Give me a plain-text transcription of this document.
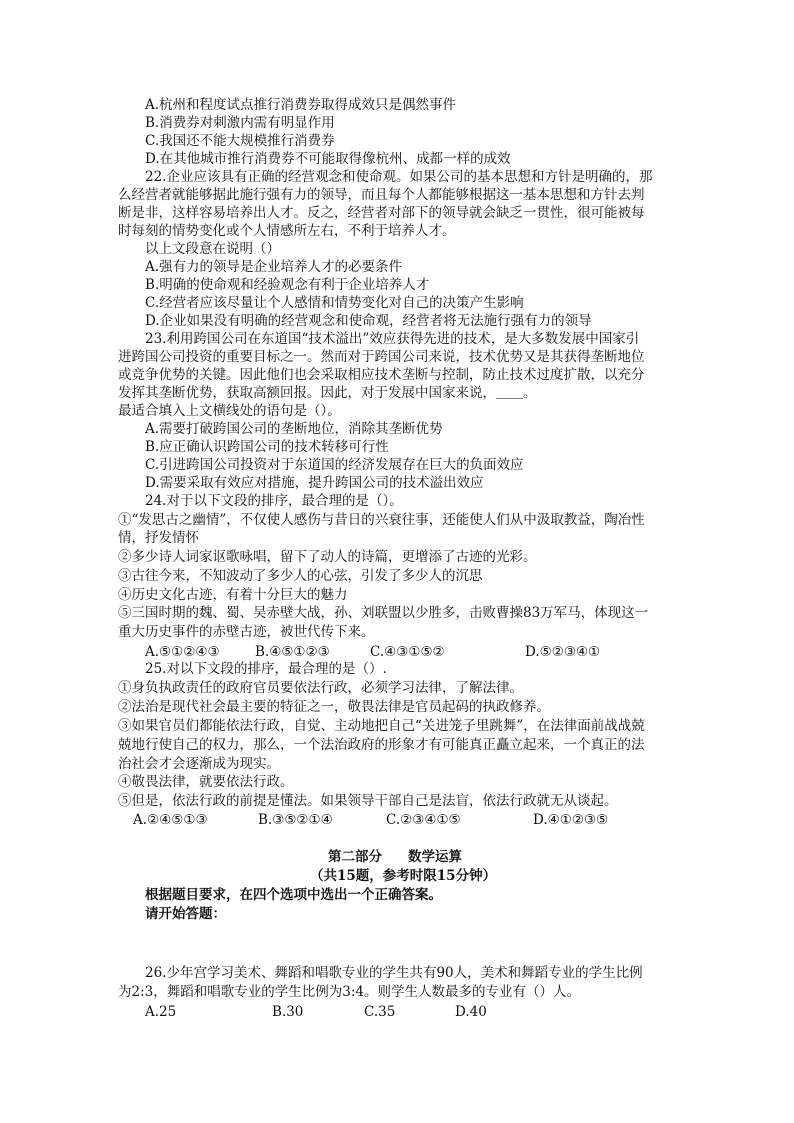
A.杭州和程度试点推行消费券取得成效只是偶然事件
B.消费券对刺激内需有明显作用
C.我国还不能大规模推行消费券
D.在其他城市推行消费券不可能取得像杭州、成都一样的成效
22.企业应该具有正确的经营观念和使命观。如果公司的基本思想和方针是明确的，那
么经营者就能够据此施行强有力的领导，而且每个人都能够根据这一基本思想和方针去判
断是非，这样容易培养出人才。反之，经营者对部下的领导就会缺乏一贯性，很可能被每
时每刻的情势变化或个人情感所左右，不利于培养人才。
以上文段意在说明（）
A.强有力的领导是企业培养人才的必要条件
B.明确的使命观和经验观念有利于企业培养人才
C.经营者应该尽量让个人感情和情势变化对自己的决策产生影响
D.企业如果没有明确的经营观念和使命观，经营者将无法施行强有力的领导
23.利用跨国公司在东道国“技术溢出”效应获得先进的技术，是大多数发展中国家引
进跨国公司投资的重要目标之一。然而对于跨国公司来说，技术优势又是其获得垄断地位
或竞争优势的关键。因此他们也会采取相应技术垄断与控制，防止技术过度扩散，以充分
发挥其垄断优势，获取高额回报。因此，对于发展中国家来说，＿＿。
最适合填入上文横线处的语句是（）。
A.需要打破跨国公司的垄断地位，消除其垄断优势
B.应正确认识跨国公司的技术转移可行性
C.引进跨国公司投资对于东道国的经济发展存在巨大的负面效应
D.需要采取有效应对措施，提升跨国公司的技术溢出效应
24.对于以下文段的排序，最合理的是（）。
①“发思古之幽情”，不仅使人感伤与昔日的兴衰往事，还能使人们从中汲取教益，陶冶性
情，抒发情怀
②多少诗人词家讴歌咏唱，留下了动人的诗篇，更增添了古迹的光彩。
③古往今来，不知波动了多少人的心弦，引发了多少人的沉思
④历史文化古迹，有着十分巨大的魅力
⑤三国时期的魏、蜀、吴赤壁大战，孙、刘联盟以少胜多，击败曹操83万军马，体现这一
重大历史事件的赤壁古迹，被世代传下来。
A.⑤①②④③	B.④⑤①②③	C.④③①⑤②	D.⑤②③④①
25.对以下文段的排序，最合理的是（）.
①身负执政责任的政府官员要依法行政，必须学习法律，了解法律。
②法治是现代社会最主要的特征之一，敬畏法律是官员起码的执政修养。
③如果官员们都能依法行政，自觉、主动地把自己“关进笼子里跳舞”，在法律面前战战兢
兢地行使自己的权力，那么，一个法治政府的形象才有可能真正矗立起来，一个真正的法
治社会才会逐渐成为现实。
④敬畏法律，就要依法行政。
⑤但是，依法行政的前提是懂法。如果领导干部自己是法盲，依法行政就无从谈起。
A.②④⑤①③	B.③⑤②①④	C.②③④①⑤	D.④①②③⑤
第二部分 数学运算
（共15题，参考时限15分钟）
根据题目要求，在四个选项中选出一个正确答案。
请开始答题：
26.少年宫学习美术、舞蹈和唱歌专业的学生共有90人，美术和舞蹈专业的学生比例
为2:3，舞蹈和唱歌专业的学生比例为3:4。则学生人数最多的专业有（）人。
A.25	B.30	C.35	D.40
